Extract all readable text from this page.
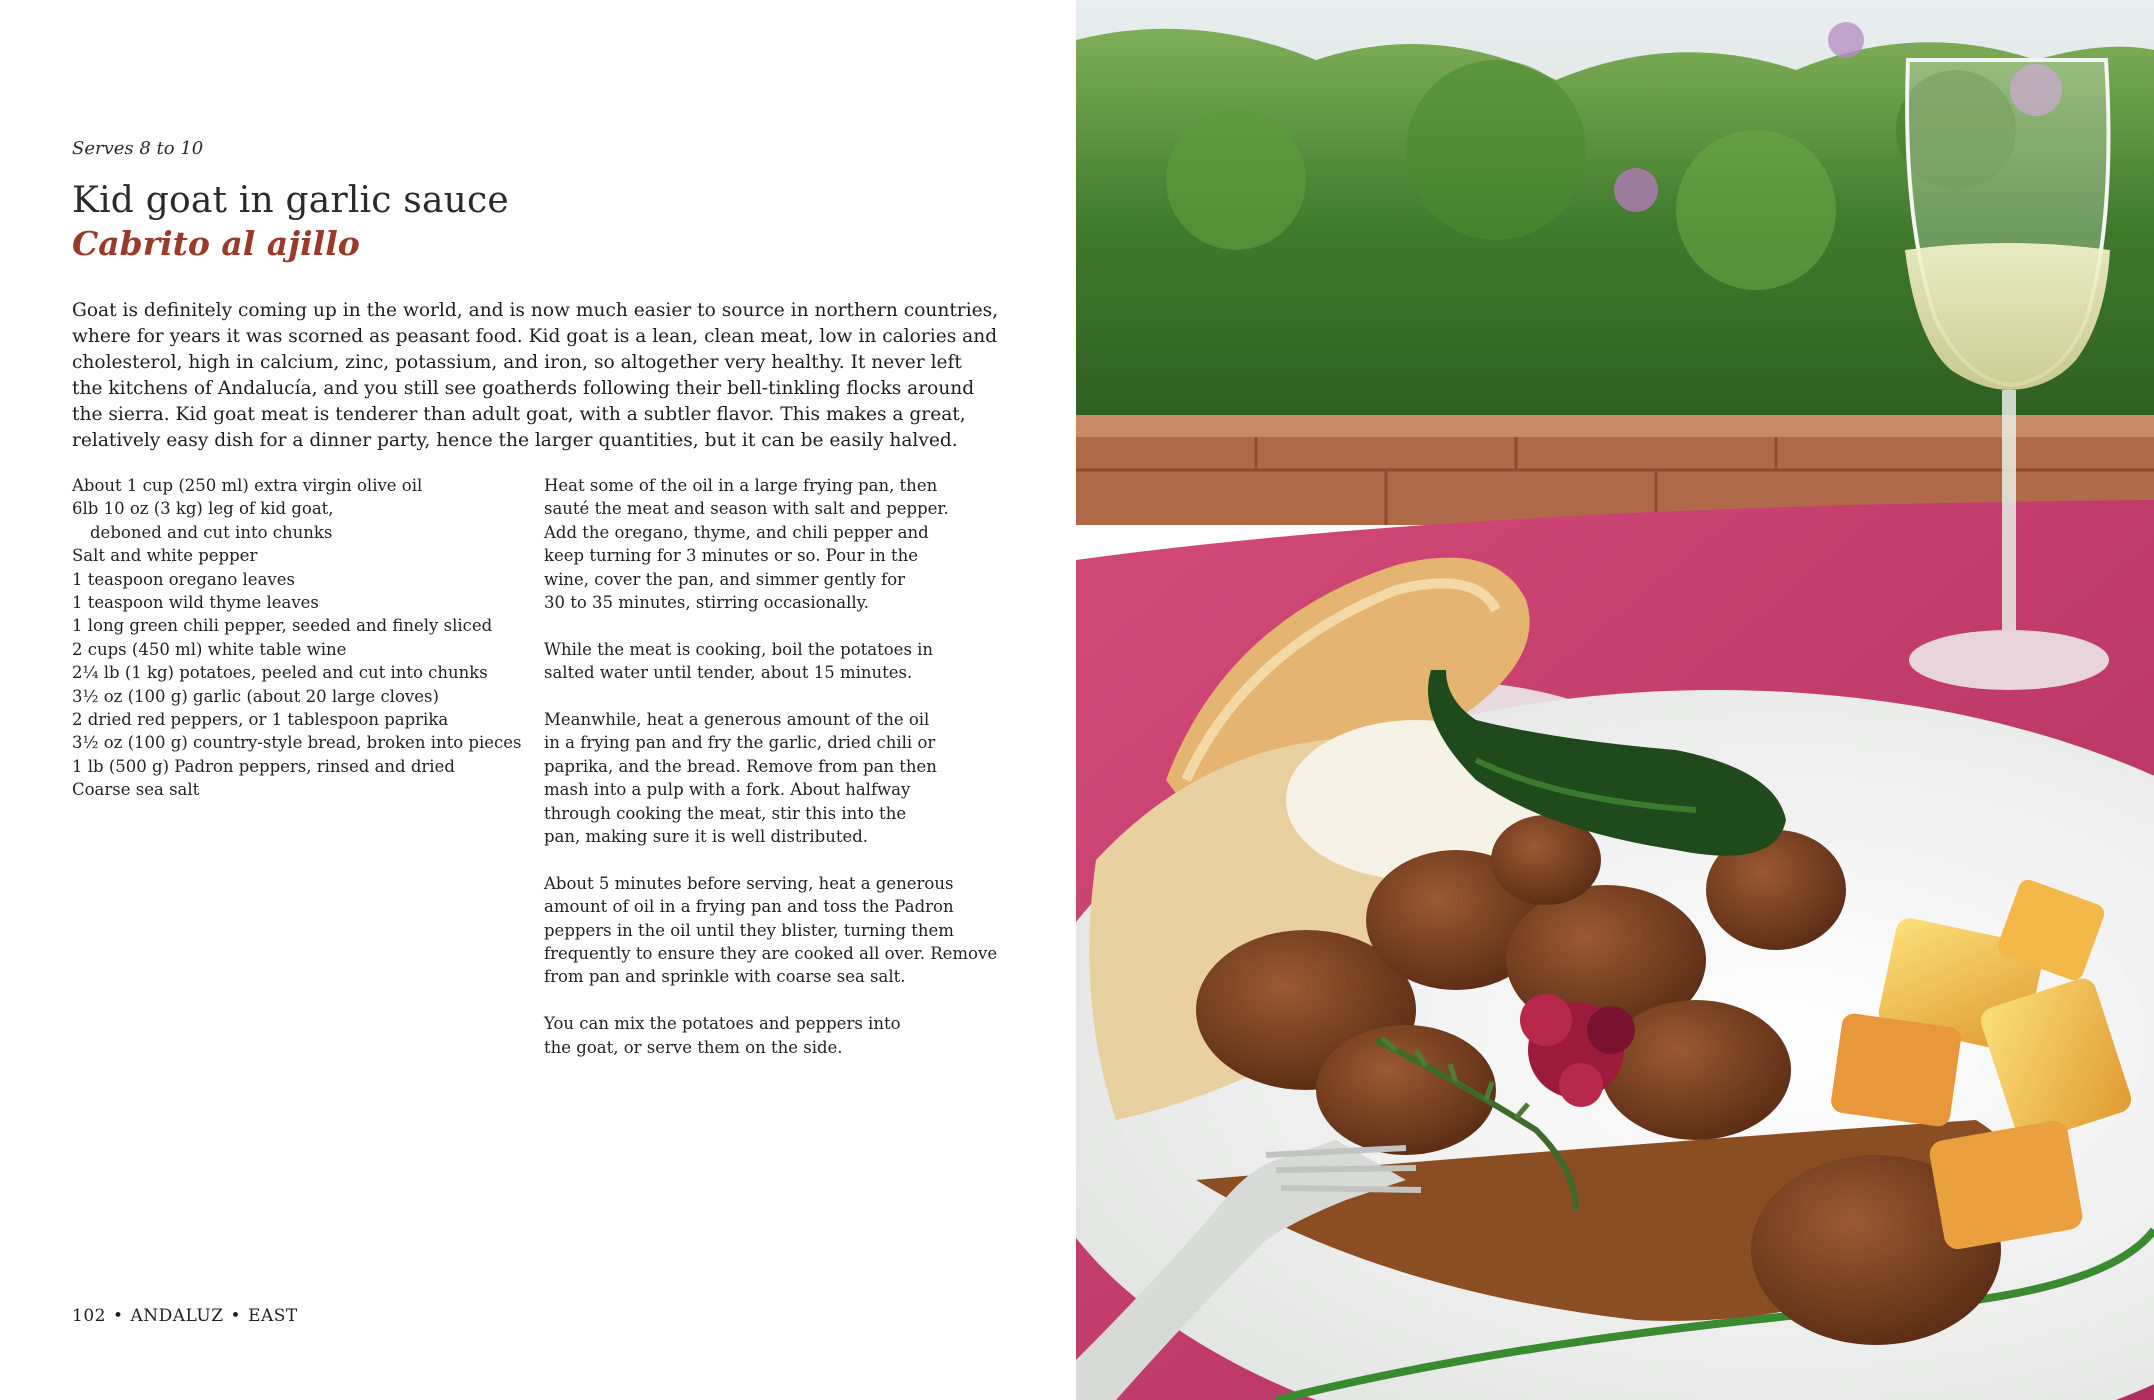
Serves 8 to 10
Kid goat in garlic sauce
Cabrito al ajillo
Goat is definitely coming up in the world, and is now much easier to source in northern countries,
where for years it was scorned as peasant food. Kid goat is a lean, clean meat, low in calories and
cholesterol, high in calcium, zinc, potassium, and iron, so altogether very healthy. It never left
the kitchens of Andalucía, and you still see goatherds following their bell-tinkling flocks around
the sierra. Kid goat meat is tenderer than adult goat, with a subtler flavor. This makes a great,
relatively easy dish for a dinner party, hence the larger quantities, but it can be easily halved.
About 1 cup (250 ml) extra virgin olive oil
6lb 10 oz (3 kg) leg of kid goat,
deboned and cut into chunks
Salt and white pepper
1 teaspoon oregano leaves
1 teaspoon wild thyme leaves
1 long green chili pepper, seeded and finely sliced
2 cups (450 ml) white table wine
2¼ lb (1 kg) potatoes, peeled and cut into chunks
3½ oz (100 g) garlic (about 20 large cloves)
2 dried red peppers, or 1 tablespoon paprika
3½ oz (100 g) country-style bread, broken into pieces
1 lb (500 g) Padron peppers, rinsed and dried
Coarse sea salt

Heat some of the oil in a large frying pan, then
sauté the meat and season with salt and pepper.
Add the oregano, thyme, and chili pepper and
keep turning for 3 minutes or so. Pour in the
wine, cover the pan, and simmer gently for
30 to 35 minutes, stirring occasionally.

While the meat is cooking, boil the potatoes in
salted water until tender, about 15 minutes.

Meanwhile, heat a generous amount of the oil
in a frying pan and fry the garlic, dried chili or
paprika, and the bread. Remove from pan then
mash into a pulp with a fork. About halfway
through cooking the meat, stir this into the
pan, making sure it is well distributed.

About 5 minutes before serving, heat a generous
amount of oil in a frying pan and toss the Padron
peppers in the oil until they blister, turning them
frequently to ensure they are cooked all over. Remove
from pan and sprinkle with coarse sea salt.

You can mix the potatoes and peppers into
the goat, or serve them on the side.

102 • ANDALUZ • EAST
